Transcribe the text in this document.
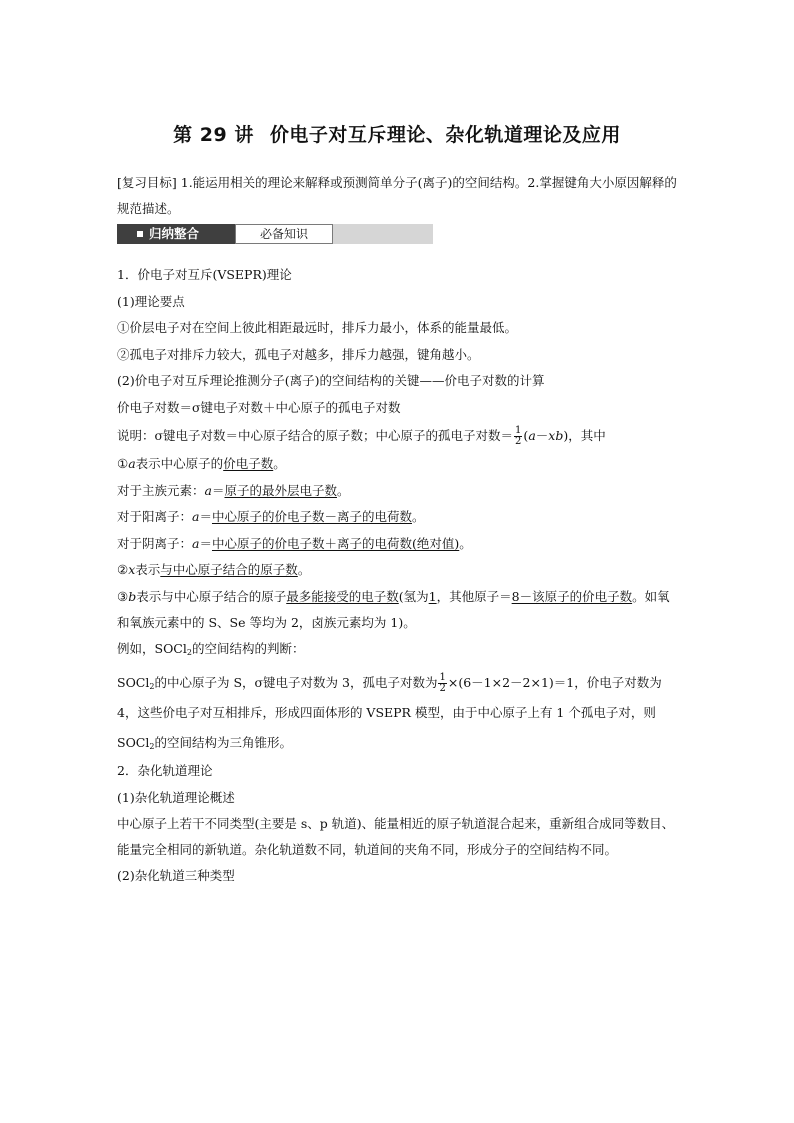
第 29 讲 价电子对互斥理论、杂化轨道理论及应用

[复习目标] 1.能运用相关的理论来解释或预测简单分子(离子)的空间结构。2.掌握键角大小原因解释的规范描述。

归纳整合	必备知识

1．价电子对互斥(VSEPR)理论

(1)理论要点

①价层电子对在空间上彼此相距最远时，排斥力最小，体系的能量最低。

②孤电子对排斥力较大，孤电子对越多，排斥力越强，键角越小。

(2)价电子对互斥理论推测分子(离子)的空间结构的关键——价电子对数的计算

价电子对数＝σ键电子对数＋中心原子的孤电子对数

说明：σ键电子对数＝中心原子结合的原子数；中心原子的孤电子对数＝ $\frac{1}{2} (a-xb)$，其中

①a表示中心原子的价电子数。

对于主族元素：a＝原子的最外层电子数。

对于阳离子：a＝中心原子的价电子数－离子的电荷数。

对于阴离子：a＝中心原子的价电子数＋离子的电荷数(绝对值)。

②x表示与中心原子结合的原子数。

③b表示与中心原子结合的原子最多能接受的电子数(氢为1，其他原子＝8－该原子的价电子数。如氧和氧族元素中的 S、Se 等均为 2，卤族元素均为 1)。

例如，SOCl$_2$的空间结构的判断：

SOCl$_2$的中心原子为 S，σ键电子对数为 3，孤电子对数为 $\frac{1}{2} \times(6-1\times 2-2\times 1)=1$，价电子对数为 4，这些价电子对互相排斥，形成四面体形的 VSEPR 模型，由于中心原子上有 1 个孤电子对，则 SOCl$_2$的空间结构为三角锥形。

2．杂化轨道理论

(1)杂化轨道理论概述

中心原子上若干不同类型(主要是 s、p 轨道)、能量相近的原子轨道混合起来，重新组合成同等数目、能量完全相同的新轨道。杂化轨道数不同，轨道间的夹角不同，形成分子的空间结构不同。

(2)杂化轨道三种类型
